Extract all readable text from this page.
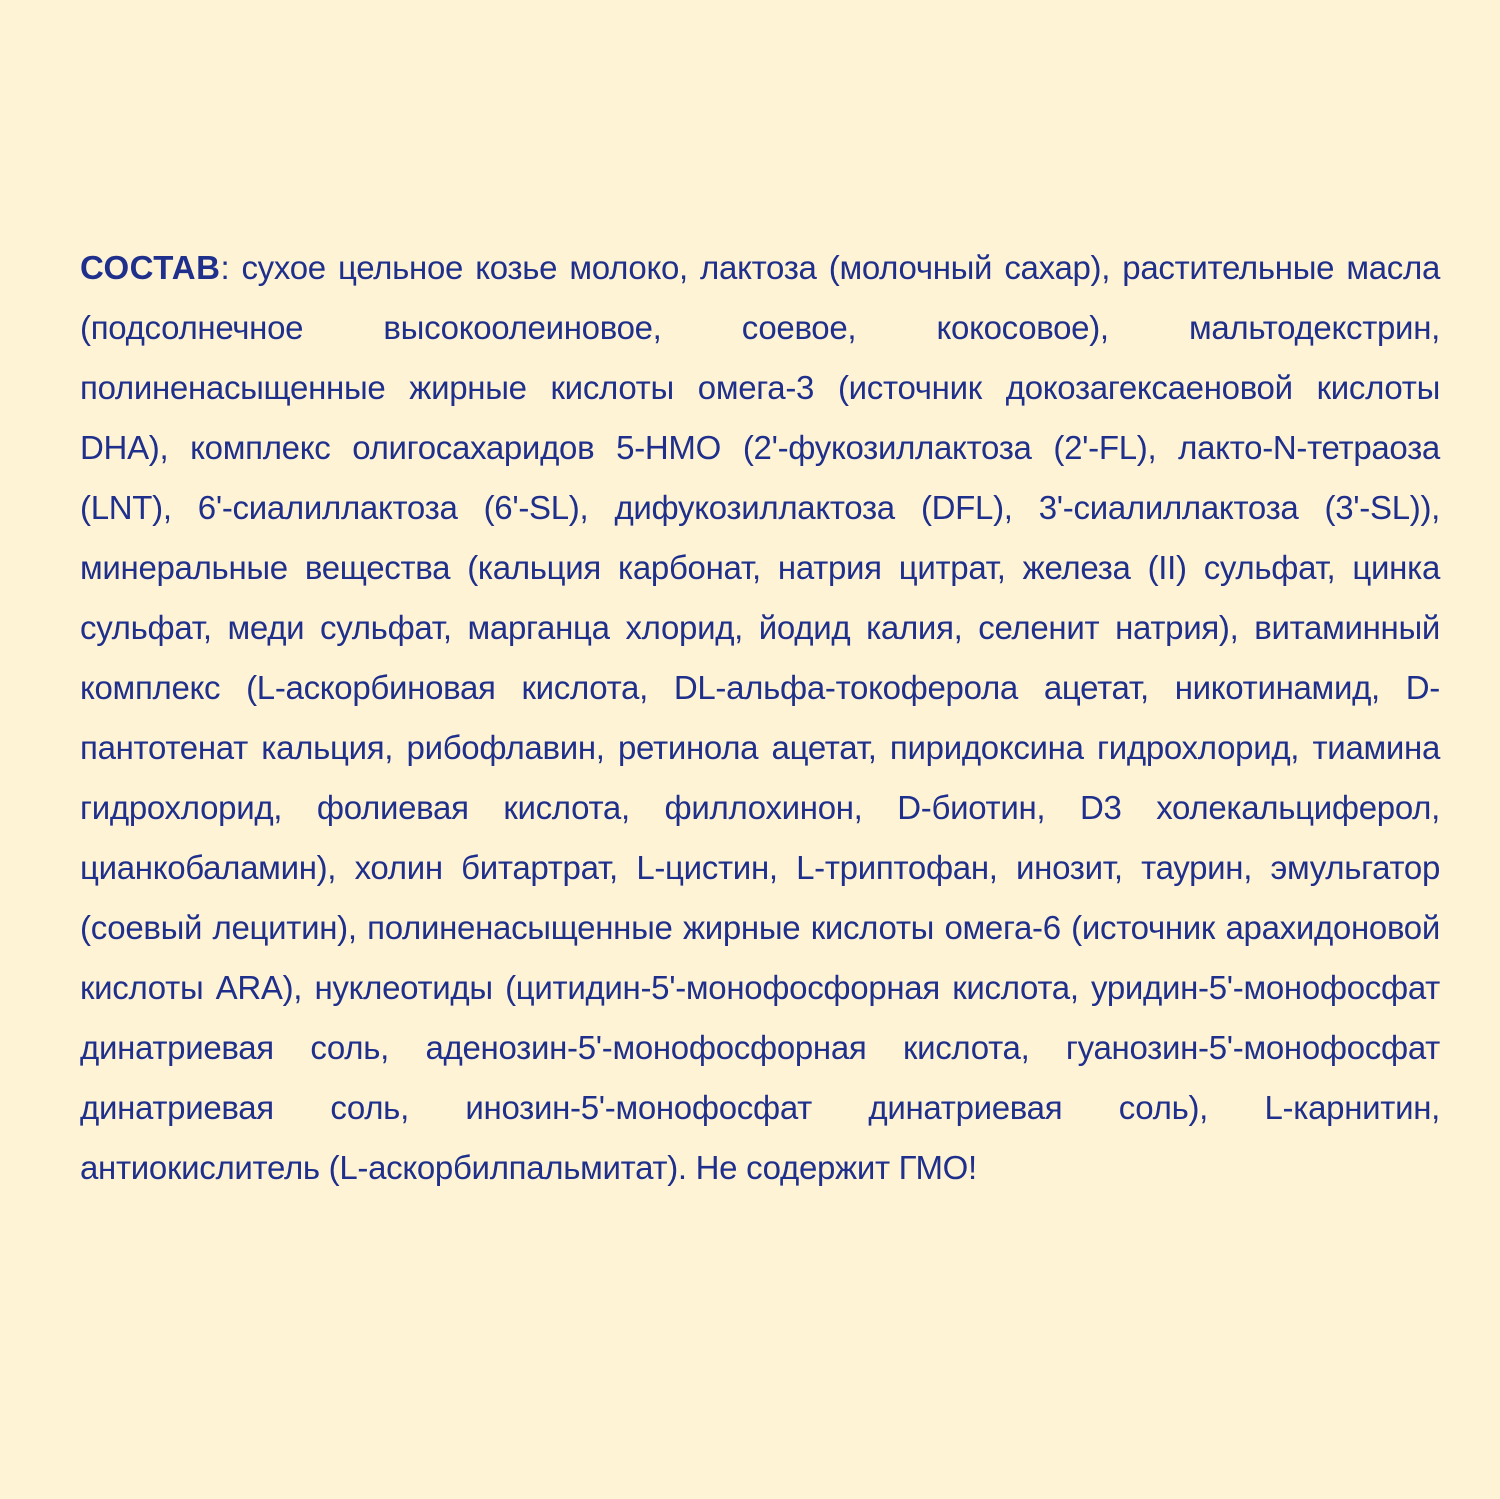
СОСТАВ: сухое цельное козье молоко, лактоза (молочный сахар), растительные масла (подсолнечное высокоолеиновое, соевое, кокосовое), мальтодекстрин, полиненасыщенные жирные кислоты омега-3 (источник докозагексаеновой кислоты DHA), комплекс олигосахаридов 5-HMO (2'-фукозиллактоза (2'-FL), лакто-N-тетраоза (LNT), 6'-сиалиллактоза (6'-SL), дифукозиллактоза (DFL), 3'-сиалиллактоза (3'-SL)), минеральные вещества (кальция карбонат, натрия цитрат, железа (II) сульфат, цинка сульфат, меди сульфат, марганца хлорид, йодид калия, селенит натрия), витаминный комплекс (L-аскорбиновая кислота, DL-альфа-токоферола ацетат, никотинамид, D-пантотенат кальция, рибофлавин, ретинола ацетат, пиридоксина гидрохлорид, тиамина гидрохлорид, фолиевая кислота, филлохинон, D-биотин, D3 холекальциферол, цианкобаламин), холин битартрат, L-цистин, L-триптофан, инозит, таурин, эмульгатор (соевый лецитин), полиненасыщенные жирные кислоты омега-6 (источник арахидоновой кислоты ARA), нуклеотиды (цитидин-5'-монофосфорная кислота, уридин-5'-монофосфат динатриевая соль, аденозин-5'-монофосфорная кислота, гуанозин-5'-монофосфат динатриевая соль, инозин-5'-монофосфат динатриевая соль), L-карнитин, антиокислитель (L-аскорбилпальмитат). Не содержит ГМО!
